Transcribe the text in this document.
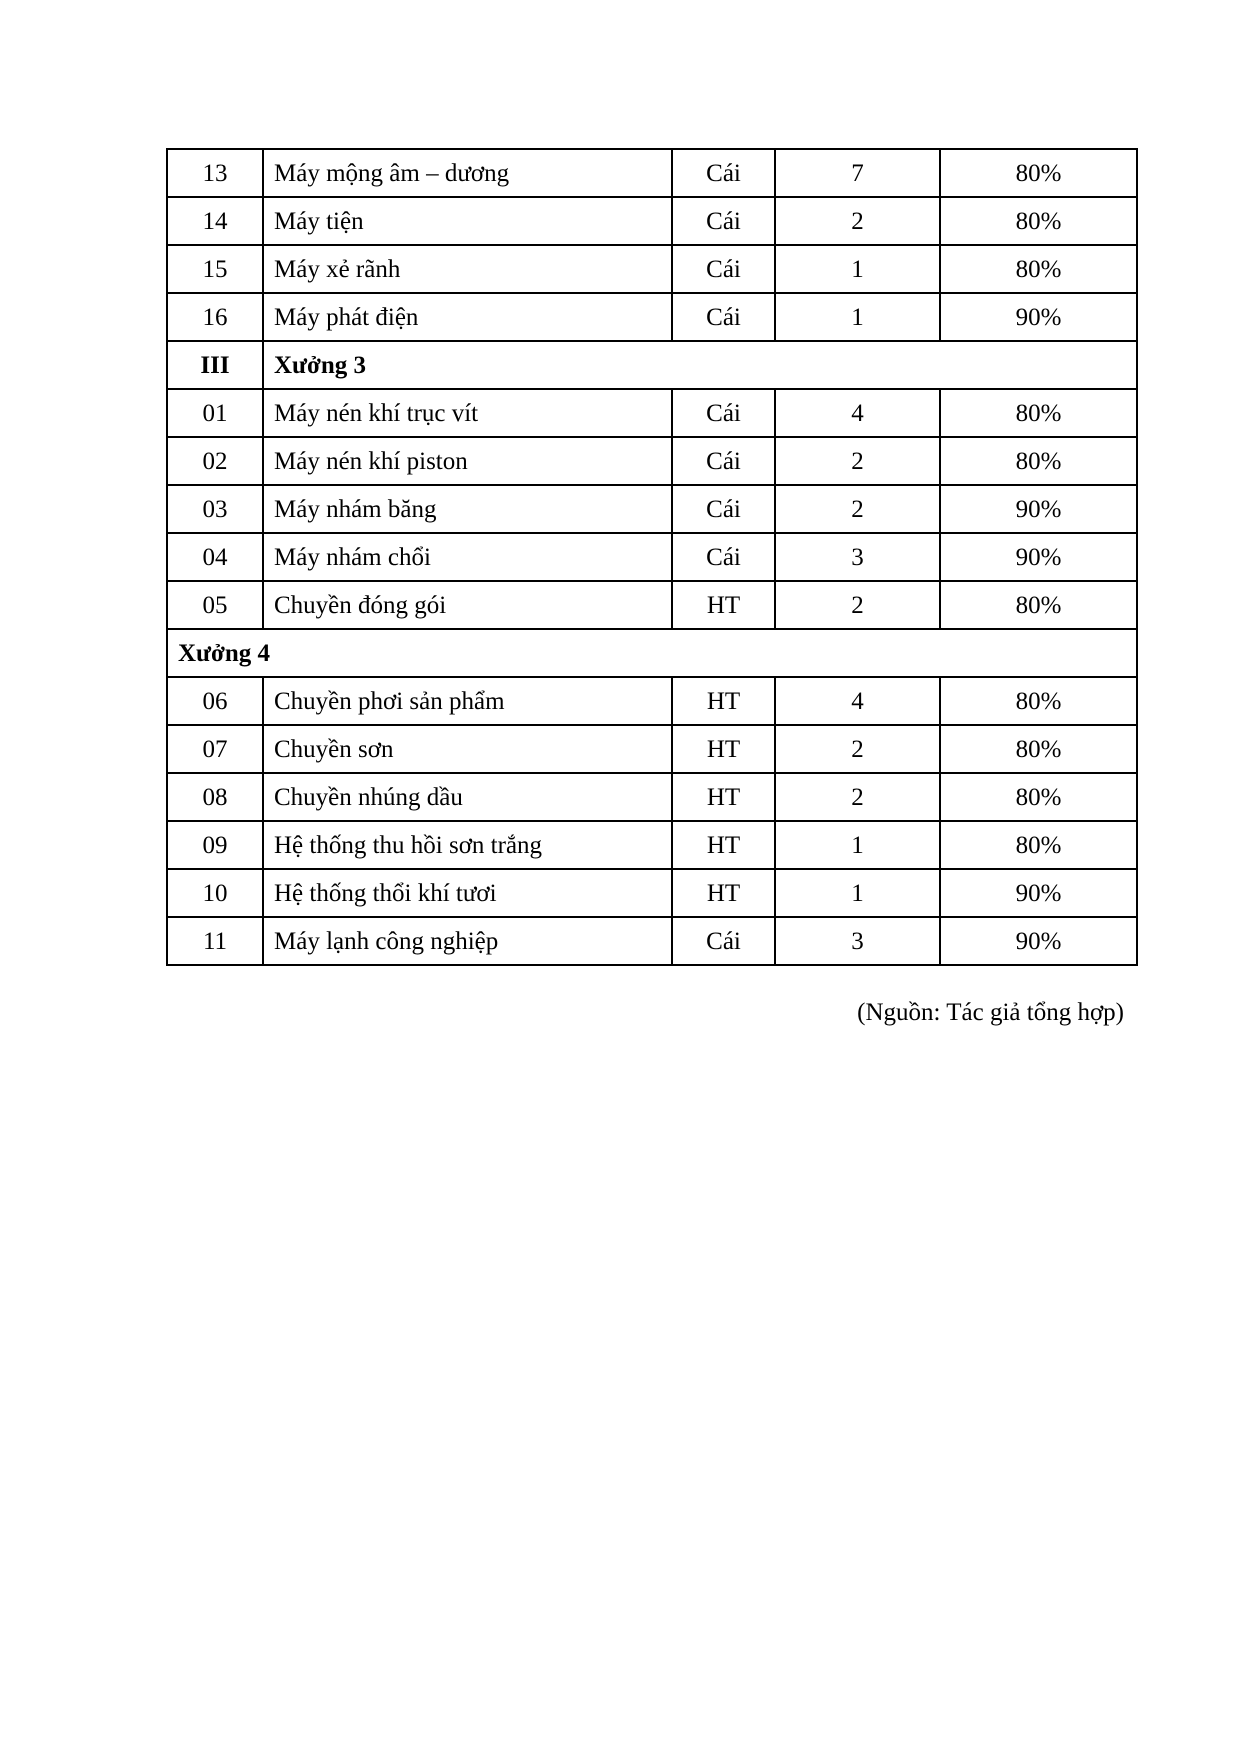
13	Máy mộng âm – dương	Cái	7	80%
14	Máy tiện	Cái	2	80%
15	Máy xẻ rãnh	Cái	1	80%
16	Máy phát điện	Cái	1	90%
III	Xưởng 3			
01	Máy nén khí trục vít	Cái	4	80%
02	Máy nén khí piston	Cái	2	80%
03	Máy nhám băng	Cái	2	90%
04	Máy nhám chổi	Cái	3	90%
05	Chuyền đóng gói	HT	2	80%
Xưởng 4				
06	Chuyền phơi sản phẩm	HT	4	80%
07	Chuyền sơn	HT	2	80%
08	Chuyền nhúng dầu	HT	2	80%
09	Hệ thống thu hồi sơn trắng	HT	1	80%
10	Hệ thống thổi khí tươi	HT	1	90%
11	Máy lạnh công nghiệp	Cái	3	90%
(Nguồn: Tác giả tổng hợp)
